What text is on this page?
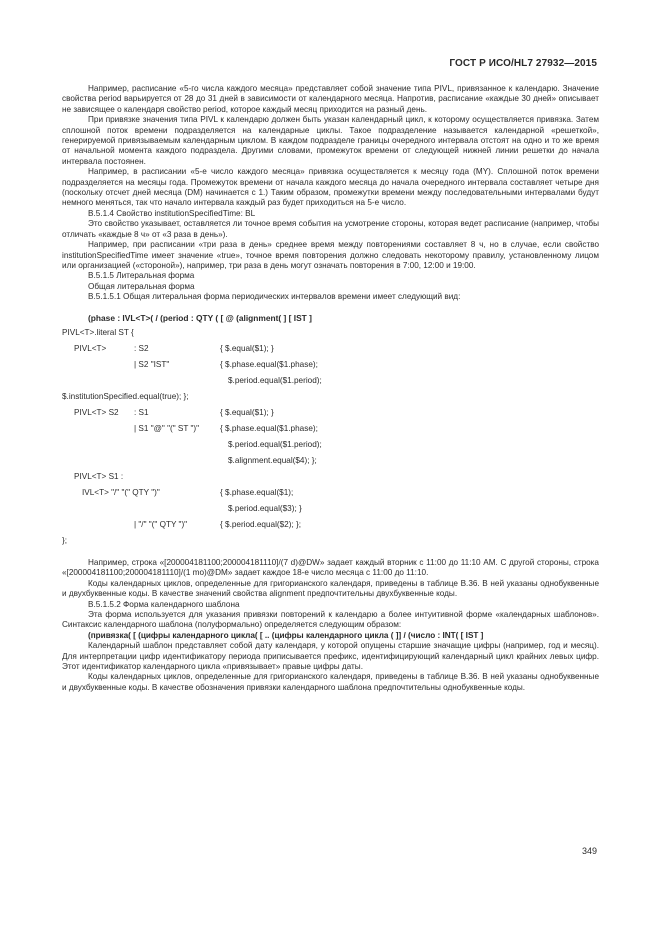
ГОСТ Р ИСО/HL7 27932—2015

Например, расписание «5-го числа каждого месяца» представляет собой значение типа PIVL, привязанное к календарю. Значение свойства period варьируется от 28 до 31 дней в зависимости от календарного месяца. Напротив, расписание «каждые 30 дней» описывает не зависящее о календаря свойство period, которое каждый месяц приходится на разный день.

При привязке значения типа PIVL к календарю должен быть указан календарный цикл, к которому осуществляется привязка. Затем сплошной поток времени подразделяется на календарные циклы. Такое подразделение называется календарной «решеткой», генерируемой привязываемым календарным циклом. В каждом подразделе границы очередного интервала отстоят на одно и то же время от начальной момента каждого подраздела. Другими словами, промежуток времени от следующей нижней линии решетки до начала интервала постоянен.

Например, в расписании «5-е число каждого месяца» привязка осуществляется к месяцу года (MY). Сплошной поток времени подразделяется на месяцы года. Промежуток времени от начала каждого месяца до начала очередного интервала составляет четыре дня (поскольку отсчет дней месяца (DM) начинается с 1.) Таким образом, промежутки времени между последовательными интервалами будут немного меняться, так что начало интервала каждый раз будет приходиться на 5-е число.

В.5.1.4 Свойство institutionSpecifiedTime: BL

Это свойство указывает, оставляется ли точное время события на усмотрение стороны, которая ведет расписание (например, чтобы отличать «каждые 8 ч» от «3 раза в день»).

Например, при расписании «три раза в день» среднее время между повторениями составляет 8 ч, но в случае, если свойство institutionSpecifiedTime имеет значение «true», точное время повторения должно следовать некоторому правилу, установленному лицом или организацией («стороной»), например, три раза в день могут означать повторения в 7:00, 12:00 и 19:00.

В.5.1.5 Литеральная форма

Общая литеральная форма

В.5.1.5.1 Общая литеральная форма периодических интервалов времени имеет следующий вид:

(phase : IVL<T>( / (period : QTY ( [ @ (alignment( ] [ IST ]
PIVL<T>.literal ST {
PIVL<T>	: S2	{ $.equal($1); }
| S2 "IST"	{ $.phase.equal($1.phase);
$.period.equal($1.period);
$.institutionSpecified.equal(true); };
PIVL<T> S2 : S1	{ $.equal($1); }
| S1 "@" "(" ST ")"	{ $.phase.equal($1.phase);
$.period.equal($1.period);
$.alignment.equal($4); };
PIVL<T> S1 :
IVL<T> "/" "(" QTY ")"	{ $.phase.equal($1);
$.period.equal($3); }
| "/" "(" QTY ")"	{ $.period.equal($2); };
};

Например, строка «[200004181100;200004181110]/(7 d)@DW» задает каждый вторник с 11:00 до 11:10 AM. С другой стороны, строка «[200004181100;200004181110]/(1 mo)@DM» задает каждое 18-е число месяца с 11:00 до 11:10.

Коды календарных циклов, определенные для григорианского календаря, приведены в таблице В.36. В ней указаны однобуквенные и двухбуквенные коды. В качестве значений свойства alignment предпочтительны двухбуквенные коды.

В.5.1.5.2 Форма календарного шаблона

Эта форма используется для указания привязки повторений к календарю а более интуитивной форме «календарных шаблонов». Синтаксис календарного шаблона (полуформально) определяется следующим образом:

(привязка( [ (цифры календарного цикла( [ .. (цифры календарного цикла ( ]] / (число : INT( [ IST ]

Календарный шаблон представляет собой дату календаря, у которой опущены старшие значащие цифры (например, год и месяц). Для интерпретации цифр идентификатору периода приписывается префикс, идентифицирующий календарный цикл крайних левых цифр. Этот идентификатор календарного цикла «привязывает» правые цифры даты.

Коды календарных циклов, определенные для григорианского календаря, приведены в таблице В.36. В ней указаны однобуквенные и двухбуквенные коды. В качестве обозначения привязки календарного шаблона предпочтительны однобуквенные коды.

349
